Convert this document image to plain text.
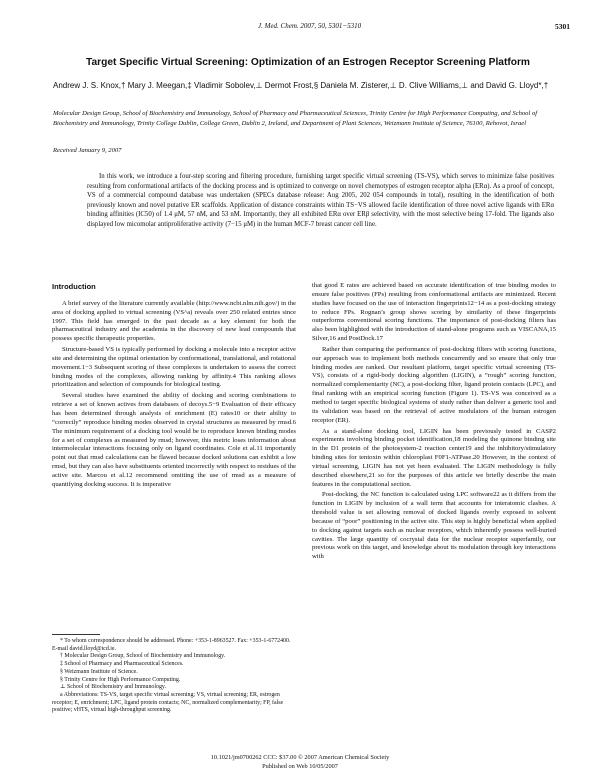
J. Med. Chem. 2007, 50, 5301−5310	5301
Target Specific Virtual Screening: Optimization of an Estrogen Receptor Screening Platform
Andrew J. S. Knox,† Mary J. Meegan,‡ Vladimir Sobolev,⊥ Dermot Frost,§ Daniela M. Zisterer,⊥ D. Clive Williams,⊥ and David G. Lloyd*,†
Molecular Design Group, School of Biochemistry and Immunology, School of Pharmacy and Pharmaceutical Sciences, Trinity Centre for High Performance Computing, and School of Biochemistry and Immunology, Trinity College Dublin, College Green, Dublin 2, Ireland, and Department of Plant Sciences, Weizmann Institute of Science, 76100, Rehovot, Israel
Received January 9, 2007

In this work, we introduce a four-step scoring and filtering procedure, furnishing target specific virtual screening (TS-VS), which serves to minimize false positives resulting from conformational artifacts of the docking process and is optimized to converge on novel chemotypes of estrogen receptor alpha (ERα). As a proof of concept, VS of a commercial compound database was undertaken (SPECs database release: Aug 2005, 202 054 compounds in total), resulting in the identification of both previously known and novel putative ER scaffolds. Application of distance constraints within TS−VS allowed facile identification of three novel active ligands with ERα binding affinities (IC50) of 1.4 μM, 57 nM, and 53 nM. Importantly, they all exhibited ERα over ERβ selectivity, with the most selective being 17-fold. The ligands also displayed low micomolar antiproliferative activity (7−15 μM) in the human MCF-7 breast cancer cell line.

Introduction

A brief survey of the literature currently available (http://www.ncbi.nlm.nih.gov/) in the area of docking applied to virtual screening (VS^a) reveals over 250 related entries since 1997. This field has emerged in the past decade as a key element for both the pharmaceutical industry and the academia in the discovery of new lead compounds that possess specific therapeutic properties.

Structure-based VS is typically performed by docking a molecule into a receptor active site and determining the optimal orientation by conformational, translational, and rotational movement.1−3 Subsequent scoring of these complexes is undertaken to assess the correct binding modes of the complexes, allowing ranking by affinity.4 This ranking allows prioritization and selection of compounds for biological testing.

Several studies have examined the ability of docking and scoring combinations to retrieve a set of known actives from databases of decoys.5−9 Evaluation of their efficacy has been determined through analysis of enrichment (E) rates10 or their ability to “correctly” reproduce binding modes observed in crystal structures as measured by rmsd.6 The minimum requirement of a docking tool would be to reproduce known binding modes for a set of complexes as measured by rmsd; however, this metric loses information about intermolecular interactions focusing only on ligand coordinates. Cole et al.11 importantly point out that rmsd calculations can be flawed because docked solutions can exhibit a low rmsd, but they can also have substituents oriented incorrectly with respect to residues of the active site. Marcou et al.12 recommend omitting the use of rmsd as a measure of quantifying docking success. It is imperative

that good E rates are achieved based on accurate identification of true binding modes to ensure false positives (FPs) resulting from conformational artifacts are minimized. Recent studies have focused on the use of interaction fingerprints12−14 as a post-docking strategy to reduce FPs. Rognan’s group shows scoring by similarity of these fingerprints outperforms conventional scoring functions. The importance of post-docking filters has also been highlighted with the introduction of stand-alone programs such as VISCANA,15 Silver,16 and PostDock.17

Rather than comparing the performance of post-docking filters with scoring functions, our approach was to implement both methods concurrently and so ensure that only true binding modes are ranked. Our resultant platform, target specific virtual screening (TS-VS), consists of a rigid-body docking algorithm (LIGIN), a “rough” scoring function, normalized complementarity (NC), a post-docking filter, ligand protein contacts (LPC), and final ranking with an empirical scoring function (Figure 1). TS-VS was conceived as a method to target specific biological systems of study rather than deliver a generic tool and its validation was based on the retrieval of active modulators of the human estrogen receptor (ER).

As a stand-alone docking tool, LIGIN has been previously tested in CASP2 experiments involving binding pocket identification,18 modeling the quinone binding site in the D1 protein of the photosystem-2 reaction center19 and the inhibitory/stimulatory binding sites for tentoxin within chloroplast F0F1-ATPase.20 However, in the context of virtual screening, LIGIN has not yet been evaluated. The LIGIN methodology is fully described elsewhere,21 so for the purposes of this article we briefly describe the main features in the computational section.

Post-docking, the NC function is calculated using LPC software22 as it differs from the function in LIGIN by inclusion of a wall term that accounts for interatomic clashes. A threshold value is set allowing removal of docked ligands overly exposed to solvent because of “poor” positioning in the active site. This step is highly beneficial when applied to docking against targets such as nuclear receptors, which inherently possess well-buried cavities. The large quantity of cocrystal data for the nuclear receptor superfamily, our previous work on this target, and knowledge about its modulation through key interactions with

* To whom correspondence should be addressed. Phone: +353-1-8963527. Fax: +353-1-6772400. E-mail david.lloyd@tcd.ie.
† Molecular Design Group, School of Biochemistry and Immunology.
‡ School of Pharmacy and Pharmaceutical Sciences.
§ Weizmann Institute of Science.
§ Trinity Centre for High Performance Computing.
⊥ School of Biochemistry and Immunology.
a Abbreviations: TS-VS, target specific virtual screening; VS, virtual screening; ER, estrogen receptor; E, enrichment; LPC, ligand protein contacts; NC, normalized complementarity; FP, false positive; vHTS, virtual high-throughput screening.
10.1021/jm0700262 CCC: $37.00 © 2007 American Chemical Society
Published on Web 10/05/2007
